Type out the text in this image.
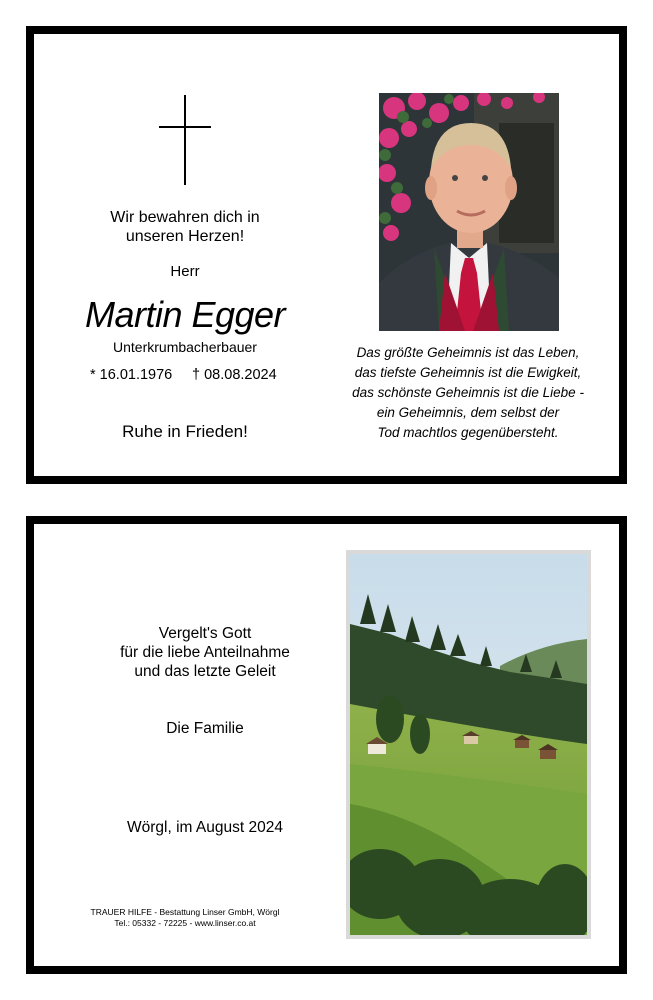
Wir bewahren dich in
unseren Herzen!
Herr
Martin Egger
Unterkrumbacherbauer
* 16.01.1976 † 08.08.2024
Ruhe in Frieden!
Das größte Geheimnis ist das Leben,
das tiefste Geheimnis ist die Ewigkeit,
das schönste Geheimnis ist die Liebe -
ein Geheimnis, dem selbst der
Tod machtlos gegenübersteht.
Vergelt's Gott
für die liebe Anteilnahme
und das letzte Geleit
Die Familie
Wörgl, im August 2024
TRAUER HILFE - Bestattung Linser GmbH, Wörgl
Tel.: 05332 - 72225 - www.linser.co.at
